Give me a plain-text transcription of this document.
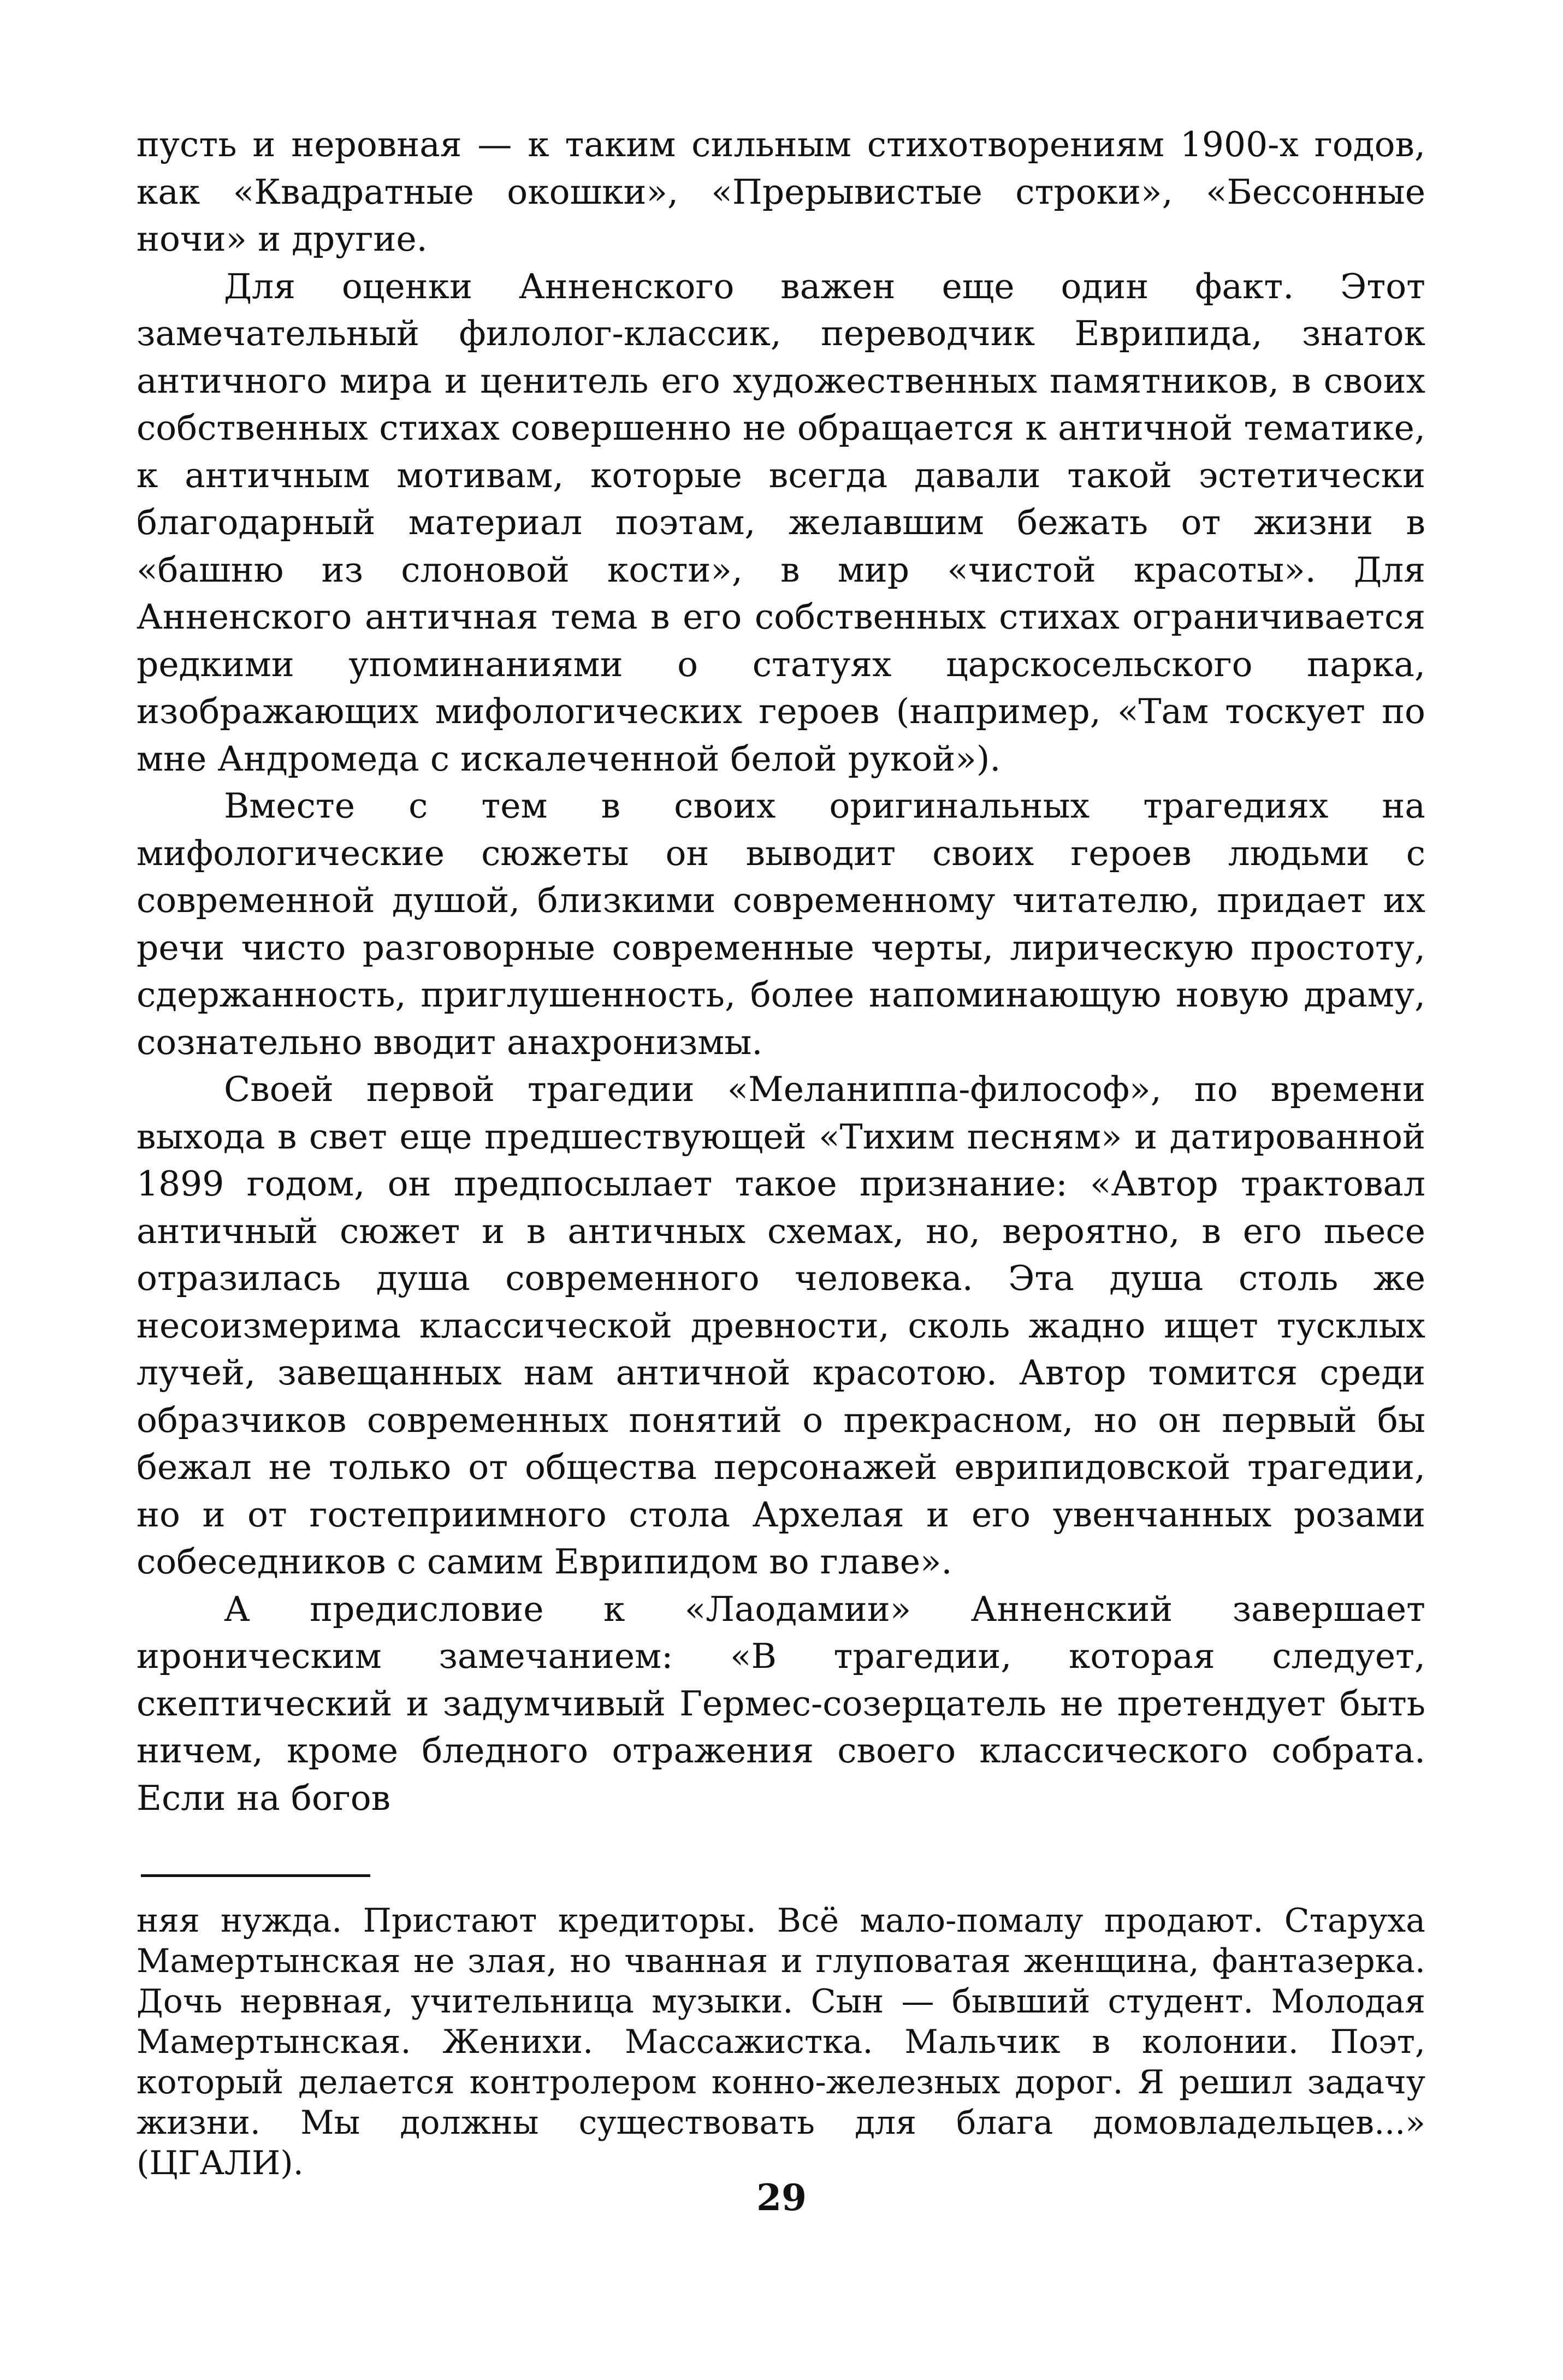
пусть и неровная — к таким сильным стихотворениям 1900-х годов, как «Квадратные окошки», «Прерывистые строки», «Бессонные ночи» и другие.

Для оценки Анненского важен еще один факт. Этот замечательный филолог-классик, переводчик Еврипида, знаток античного мира и ценитель его художественных памятников, в своих собственных стихах совершенно не обращается к античной тематике, к античным мотивам, которые всегда давали такой эстетически благодарный материал поэтам, желавшим бежать от жизни в «башню из слоновой кости», в мир «чистой красоты». Для Анненского античная тема в его собственных стихах ограничивается редкими упоминаниями о статуях царскосельского парка, изображающих мифологических героев (например, «Там тоскует по мне Андромеда с искалеченной белой рукой»).

Вместе с тем в своих оригинальных трагедиях на мифологические сюжеты он выводит своих героев людьми с современной душой, близкими современному читателю, придает их речи чисто разговорные современные черты, лирическую простоту, сдержанность, приглушенность, более напоминающую новую драму, сознательно вводит анахронизмы.

Своей первой трагедии «Меланиппа-философ», по времени выхода в свет еще предшествующей «Тихим песням» и датированной 1899 годом, он предпосылает такое признание: «Автор трактовал античный сюжет и в античных схемах, но, вероятно, в его пьесе отразилась душа современного человека. Эта душа столь же несоизмерима классической древности, сколь жадно ищет тусклых лучей, завещанных нам античной красотою. Автор томится среди образчиков современных понятий о прекрасном, но он первый бы бежал не только от общества персонажей еврипидовской трагедии, но и от гостеприимного стола Архелая и его увенчанных розами собеседников с самим Еврипидом во главе».

А предисловие к «Лаодамии» Анненский завершает ироническим замечанием: «В трагедии, которая следует, скептический и задумчивый Гермес-созерцатель не претендует быть ничем, кроме бледного отражения своего классического собрата. Если на богов

няя нужда. Пристают кредиторы. Всё мало-помалу продают. Старуха Мамертынская не злая, но чванная и глуповатая женщина, фантазерка. Дочь нервная, учительница музыки. Сын — бывший студент. Молодая Мамертынская. Женихи. Массажистка. Мальчик в колонии. Поэт, который делается контролером конно-железных дорог. Я решил задачу жизни. Мы должны существовать для блага домовладельцев...» (ЦГАЛИ).

29
